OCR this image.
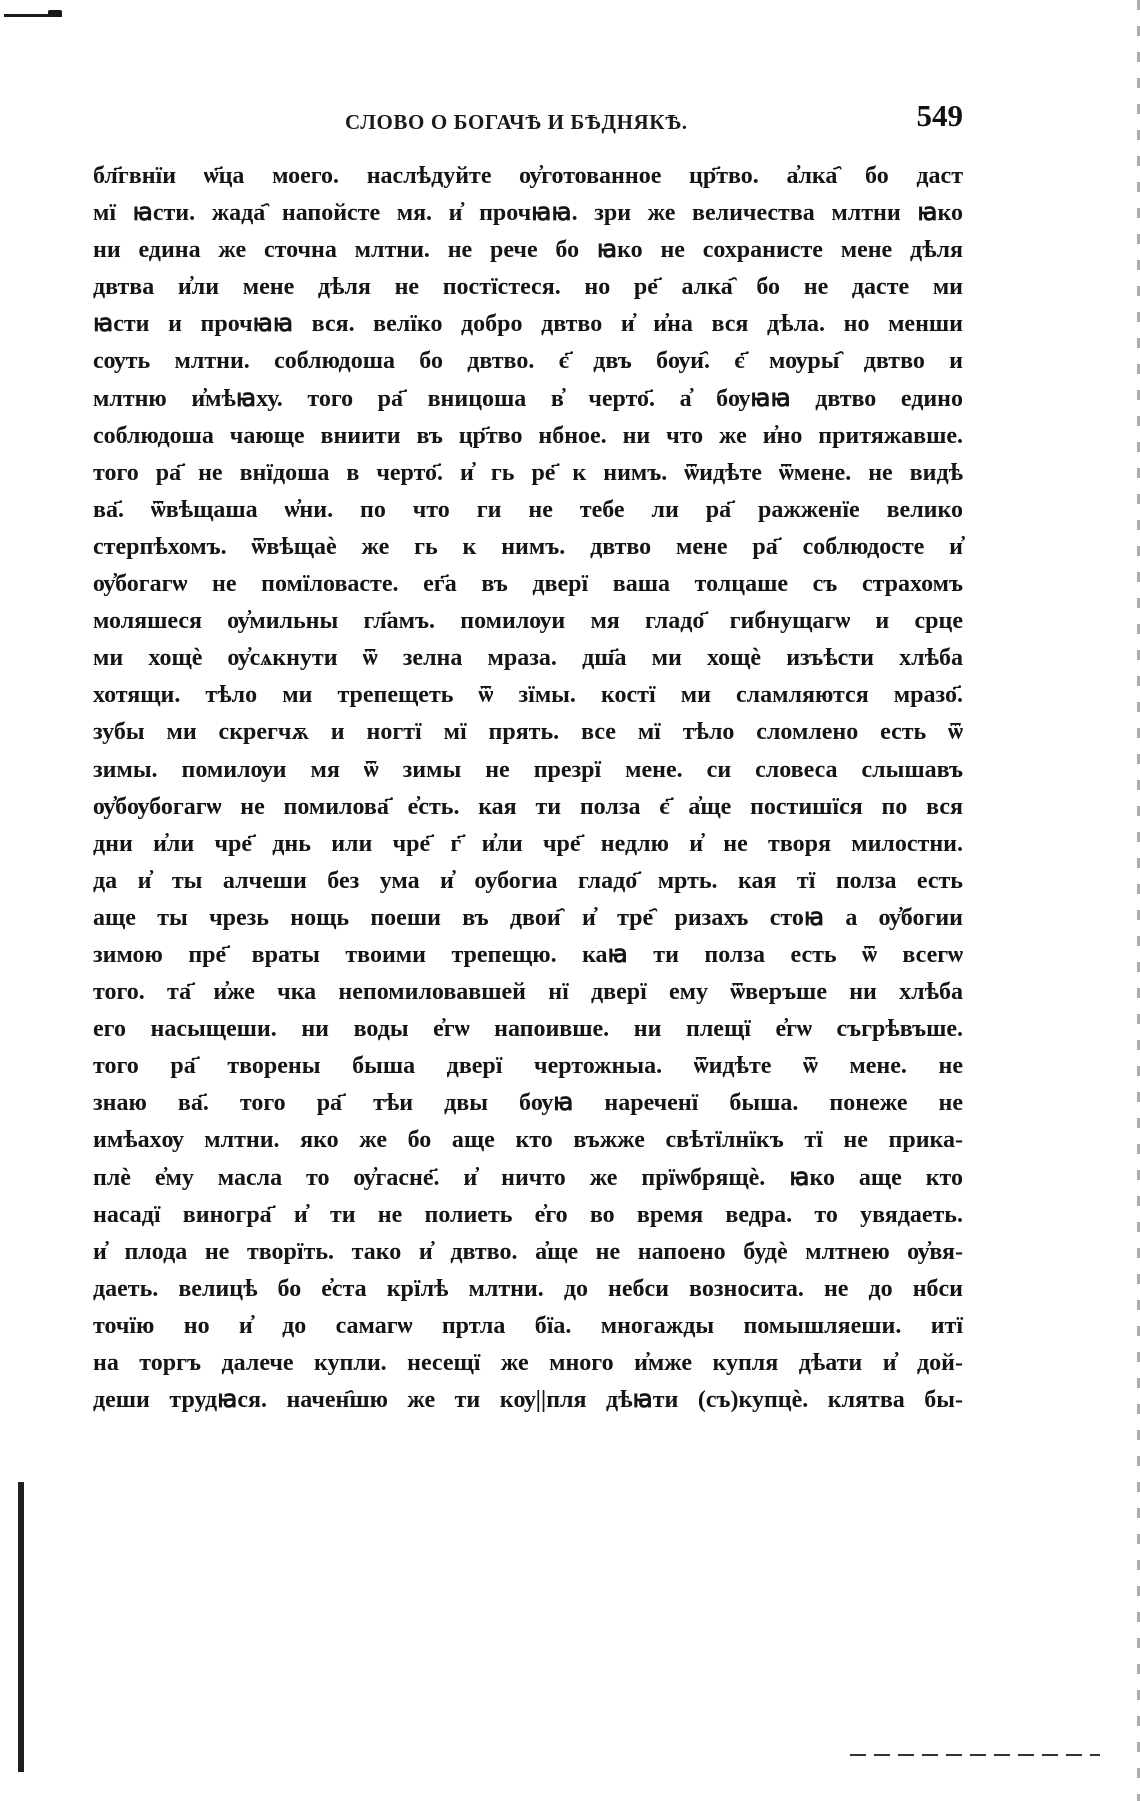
СЛОВО О БОГАЧѢ И БѢДНЯКѢ.	549
бл҃гвнїи ѡ҃ца моего. наслѣдуйте ѹ҆готованное цр҃тво. а҆лка҄ бо даст
мї ꙗсти. жада҄ напойсте мя. и҆ прочꙗꙗ. зри же величества млтни ꙗко
ни едина же сточна млтни. не рече бо ꙗко не сохранисте мене дѣля
двтва и҆ли мене дѣля не постїстеся. но ре҃ алка҄ бо не дасте ми
ꙗсти и прочꙗꙗ вся. велїко добро двтво и҆ и҆на вся дѣла. но менши
сѹть млтни. соблюдоша бо двтво. є҃ двъ бѹи҄. є҃ мѹры҄ двтво и
млтню и҆мѣꙗху. того ра҃ вницоша в҆ черто҃. а҆ бѹꙗꙗ двтво едино
соблюдоша чающе вниити въ цр҃тво нбное. ни что же и҆но притяжавше.
того ра҃ не внїдоша в черто҃. и҆ гь ре҃ к нимъ. ѿидѣте ѿмене. не видѣ
ва҃. ѿвѣщаша ѡ҆ни. по что ги не тебе ли ра҃ ражженїе велико
стерпѣхомъ. ѿвѣщаѐ же гь к нимъ. двтво мене ра҃ соблюдосте и҆
ѹ҆богагѡ не помїловасте. ег҃а въ дверї ваша толцаше съ страхомъ
моляшеся ѹ҆мильны гл҃амъ. помилѹи мя гладо҃ гибнущагѡ и срце
ми хощѐ ѹ҆сѧкнути ѿ зелна мраза. дш҃а ми хощѐ изъѣсти хлѣба
хотящи. тѣло ми трепещеть ѿ зїмы. костї ми сламляются мразо҃.
зубы ми скрегчѫ и ногтї мї прять. все мї тѣло сломлено есть ѿ
зимы. помилѹи мя ѿ зимы не презрї мене. си словеса слышавъ
ѹ҆бѹбогагѡ не помилова҃ е҆сть. кая ти полза є҃ а҆ще постишїся по вся
дни и҆ли чре҃ днь или чре҃ г҃ и҆ли чре҃ недлю и҆ не творя милостни.
да и҆ ты алчеши без ума и҆ оубогиа гладо҃ мрть. кая тї полза есть
аще ты чрезь нощь поеши въ двои҄ и҆ тре҄ ризахъ стоꙗ а ѹ҆богии
зимою пре҃ враты твоими трепещю. каꙗ ти полза есть ѿ всегѡ
того. та҃ и҆же чка непомиловавшей нї дверї ему ѿверъше ни хлѣба
его насыщеши. ни воды е҆гѡ напоивше. ни плещї е҆гѡ съгрѣвъше.
того ра҃ творены быша дверї чертожныа. ѿидѣте ѿ мене. не
знаю ва҃. того ра҃ тѣи двы бѹꙗ нареченї быша. понеже не
имѣахѹ млтни. яко же бо аще кто въжже свѣтїлнїкъ тї не прика-
плѐ е҆му масла то ѹ҆гасне҃. и҆ ничто же прїѡбрящѐ. ꙗко аще кто
насадї виногра҃ и҆ ти не полиеть е҆го во время ведра. то увядаеть.
и҆ плода не творїть. тако и҆ двтво. а҆ще не напоено будѐ млтнею ѹ҆вя-
даеть. велицѣ бо е҆ста крїлѣ млтни. до небси возносита. не до нбси
точїю но и҆ до самагѡ пртла бїа. многажды помышляеши. итї
на торгъ далече купли. несещї же много и҆мже купля дѣати и҆ дой-
деши трудꙗся. начен҄шю же ти кѹ||пля дѣꙗти (съ)купцѐ. клятва бы-
